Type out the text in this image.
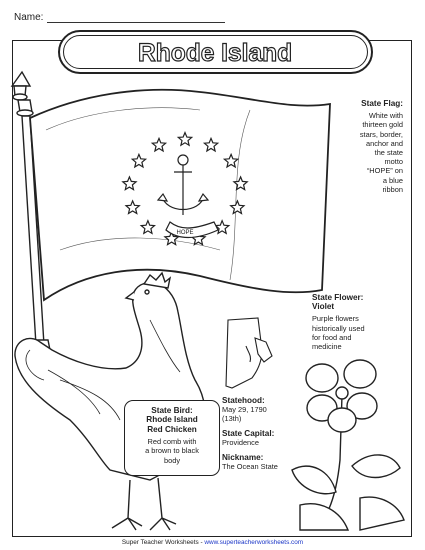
Name:
HOPE
Rhode Island
State Flag:
White with
thirteen gold
stars, border,
anchor and
the state
motto
“HOPE” on
a blue
ribbon
State Flower:
Violet
Purple flowers
historically used
for food and
medicine
State Bird:
Rhode Island
Red Chicken
Red comb with
a brown to black
body
Statehood:
May 29, 1790
(13th)
State Capital:
Providence
Nickname:
The Ocean State
Super Teacher Worksheets - www.superteacherworksheets.com
